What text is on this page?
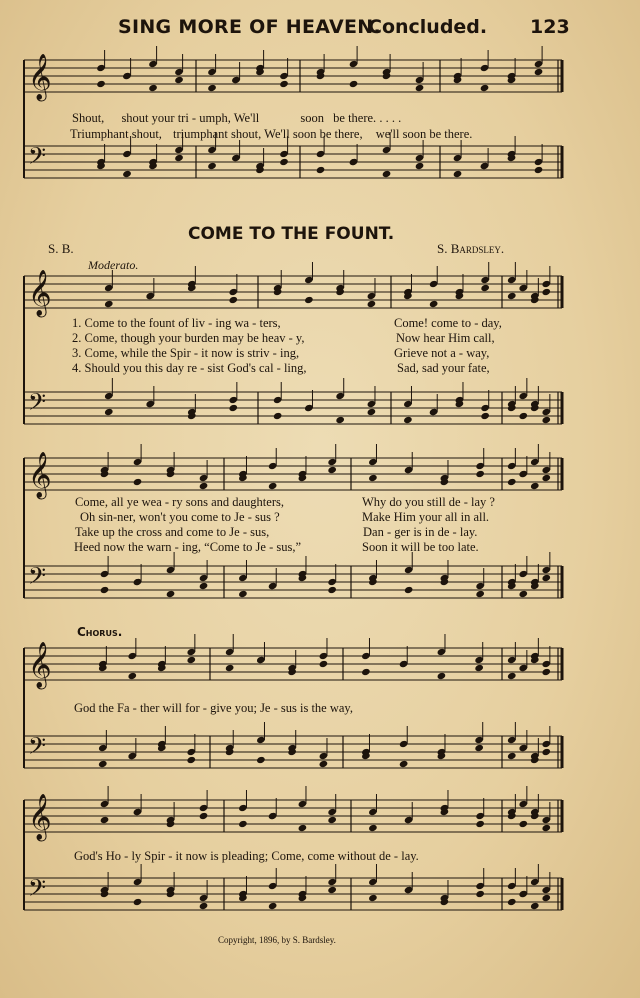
SING MORE OF HEAVEN.
Concluded. 123
𝄞
𝄢
𝄞
𝄢
𝄞
𝄢
𝄞
𝄢
𝄞
𝄢
Shout, shout your tri - umph, We'll	soon be there. . . . .
Triumphant shout, triumphant shout, We'll soon be there, we'll soon be there.
COME TO THE FOUNT.
S. B.	S. Bardsley.
Moderato.
1. Come to the fount of liv - ing wa - ters,	Come! come to - day,
2. Come, though your burden may be heav - y,	Now hear Him call,
3. Come, while the Spir - it now is striv - ing,	Grieve not a - way,
4. Should you this day re - sist God's cal - ling,	Sad, sad your fate,
Come, all ye wea - ry sons and daughters,	Why do you still de - lay ?
Oh sin-ner, won't you come to Je - sus ?	Make Him your all in all.
Take up the cross and come to Je - sus,	Dan - ger is in de - lay.
Heed now the warn - ing, “Come to Je - sus,”	Soon it will be too late.
Chorus.
God the Fa - ther will for - give you; Je - sus is the way,
God's Ho - ly Spir - it now is pleading; Come, come without de - lay.
Copyright, 1896, by S. Bardsley.
